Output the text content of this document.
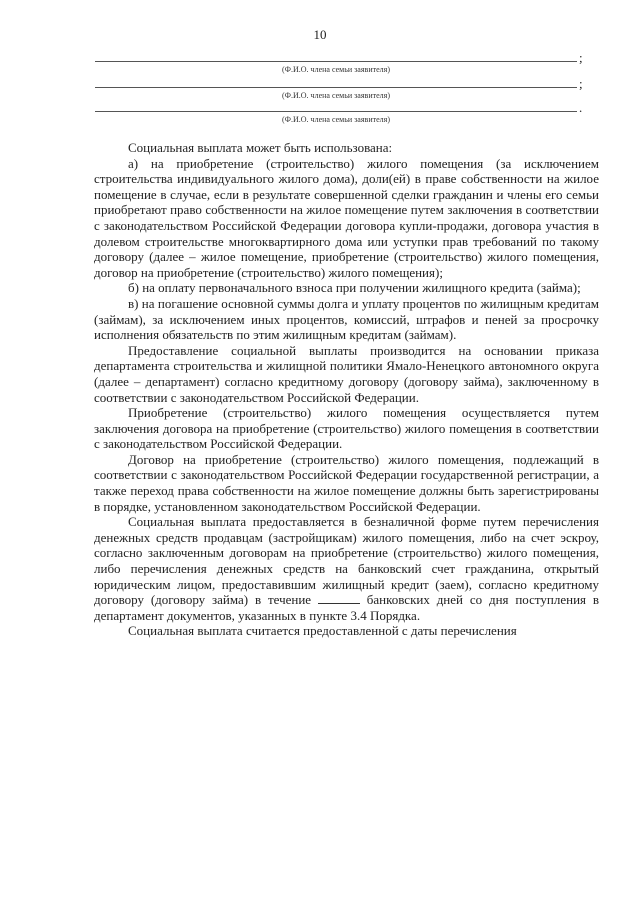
10
;
(Ф.И.О. члена семьи заявителя)
;
(Ф.И.О. члена семьи заявителя)
.
(Ф.И.О. члена семьи заявителя)

Социальная выплата может быть использована:

а) на приобретение (строительство) жилого помещения (за исключением строительства индивидуального жилого дома), доли(ей) в праве собственности на жилое помещение в случае, если в результате совершенной сделки гражданин и члены его семьи приобретают право собственности на жилое помещение путем заключения в соответствии с законодательством Российской Федерации договора купли-продажи, договора участия в долевом строительстве многоквартирного дома или уступки прав требований по такому договору (далее – жилое помещение, приобретение (строительство) жилого помещения, договор на приобретение (строительство) жилого помещения);

б) на оплату первоначального взноса при получении жилищного кредита (займа);

в) на погашение основной суммы долга и уплату процентов по жилищным кредитам (займам), за исключением иных процентов, комиссий, штрафов и пеней за просрочку исполнения обязательств по этим жилищным кредитам (займам).

Предоставление социальной выплаты производится на основании приказа департамента строительства и жилищной политики Ямало-Ненецкого автономного округа (далее – департамент) согласно кредитному договору (договору займа), заключенному в соответствии с законодательством Российской Федерации.

Приобретение (строительство) жилого помещения осуществляется путем заключения договора на приобретение (строительство) жилого помещения в соответствии с законодательством Российской Федерации.

Договор на приобретение (строительство) жилого помещения, подлежащий в соответствии с законодательством Российской Федерации государственной регистрации, а также переход права собственности на жилое помещение должны быть зарегистрированы в порядке, установленном законодательством Российской Федерации.

Социальная выплата предоставляется в безналичной форме путем перечисления денежных средств продавцам (застройщикам) жилого помещения, либо на счет эскроу, согласно заключенным договорам на приобретение (строительство) жилого помещения, либо перечисления денежных средств на банковский счет гражданина, открытый юридическим лицом, предоставившим жилищный кредит (заем), согласно кредитному договору (договору займа) в течение	банковских дней со дня поступления в департамент документов, указанных в пункте 3.4 Порядка.

Социальная выплата считается предоставленной с даты перечисления
